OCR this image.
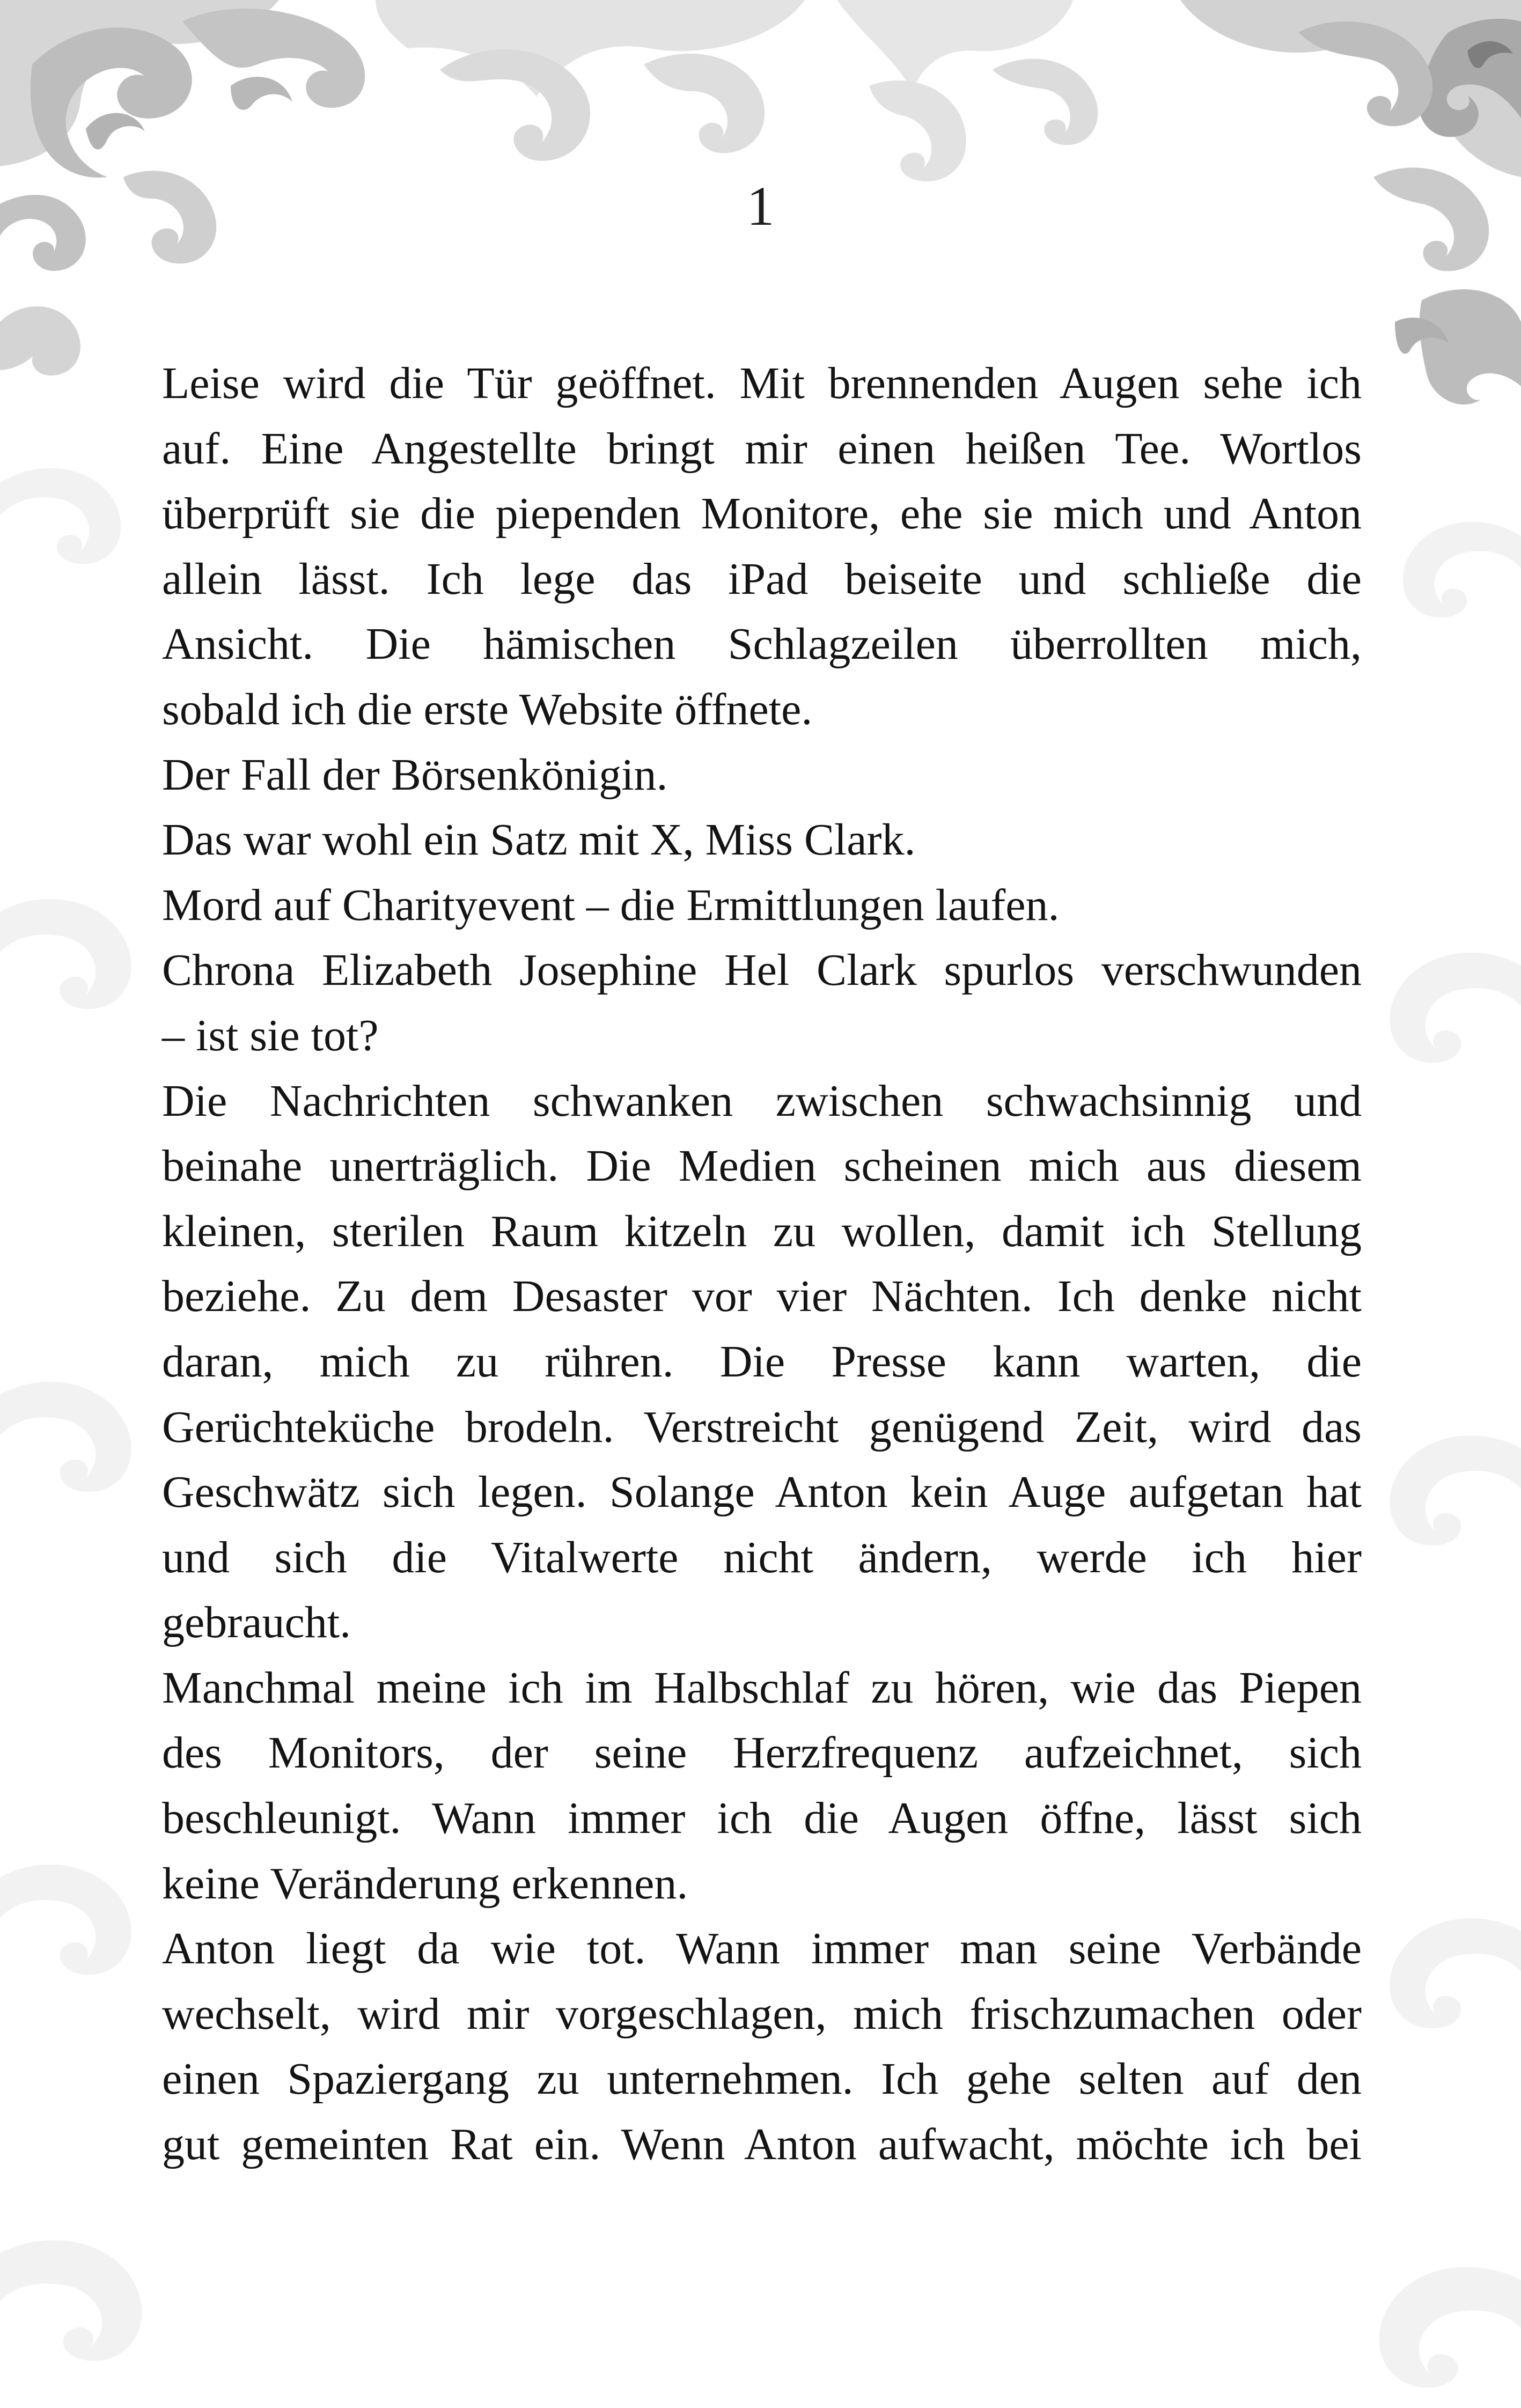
1
Leise wird die Tür geöffnet. Mit brennenden Augen sehe ich
auf. Eine Angestellte bringt mir einen heißen Tee. Wortlos
überprüft sie die piependen Monitore, ehe sie mich und Anton
allein lässt. Ich lege das iPad beiseite und schließe die
Ansicht. Die hämischen Schlagzeilen überrollten mich,
sobald ich die erste Website öffnete.
Der Fall der Börsenkönigin.
Das war wohl ein Satz mit X, Miss Clark.
Mord auf Charityevent – die Ermittlungen laufen.
Chrona Elizabeth Josephine Hel Clark spurlos verschwunden
– ist sie tot?
Die Nachrichten schwanken zwischen schwachsinnig und
beinahe unerträglich. Die Medien scheinen mich aus diesem
kleinen, sterilen Raum kitzeln zu wollen, damit ich Stellung
beziehe. Zu dem Desaster vor vier Nächten. Ich denke nicht
daran, mich zu rühren. Die Presse kann warten, die
Gerüchteküche brodeln. Verstreicht genügend Zeit, wird das
Geschwätz sich legen. Solange Anton kein Auge aufgetan hat
und sich die Vitalwerte nicht ändern, werde ich hier
gebraucht.
Manchmal meine ich im Halbschlaf zu hören, wie das Piepen
des Monitors, der seine Herzfrequenz aufzeichnet, sich
beschleunigt. Wann immer ich die Augen öffne, lässt sich
keine Veränderung erkennen.
Anton liegt da wie tot. Wann immer man seine Verbände
wechselt, wird mir vorgeschlagen, mich frischzumachen oder
einen Spaziergang zu unternehmen. Ich gehe selten auf den
gut gemeinten Rat ein. Wenn Anton aufwacht, möchte ich bei
